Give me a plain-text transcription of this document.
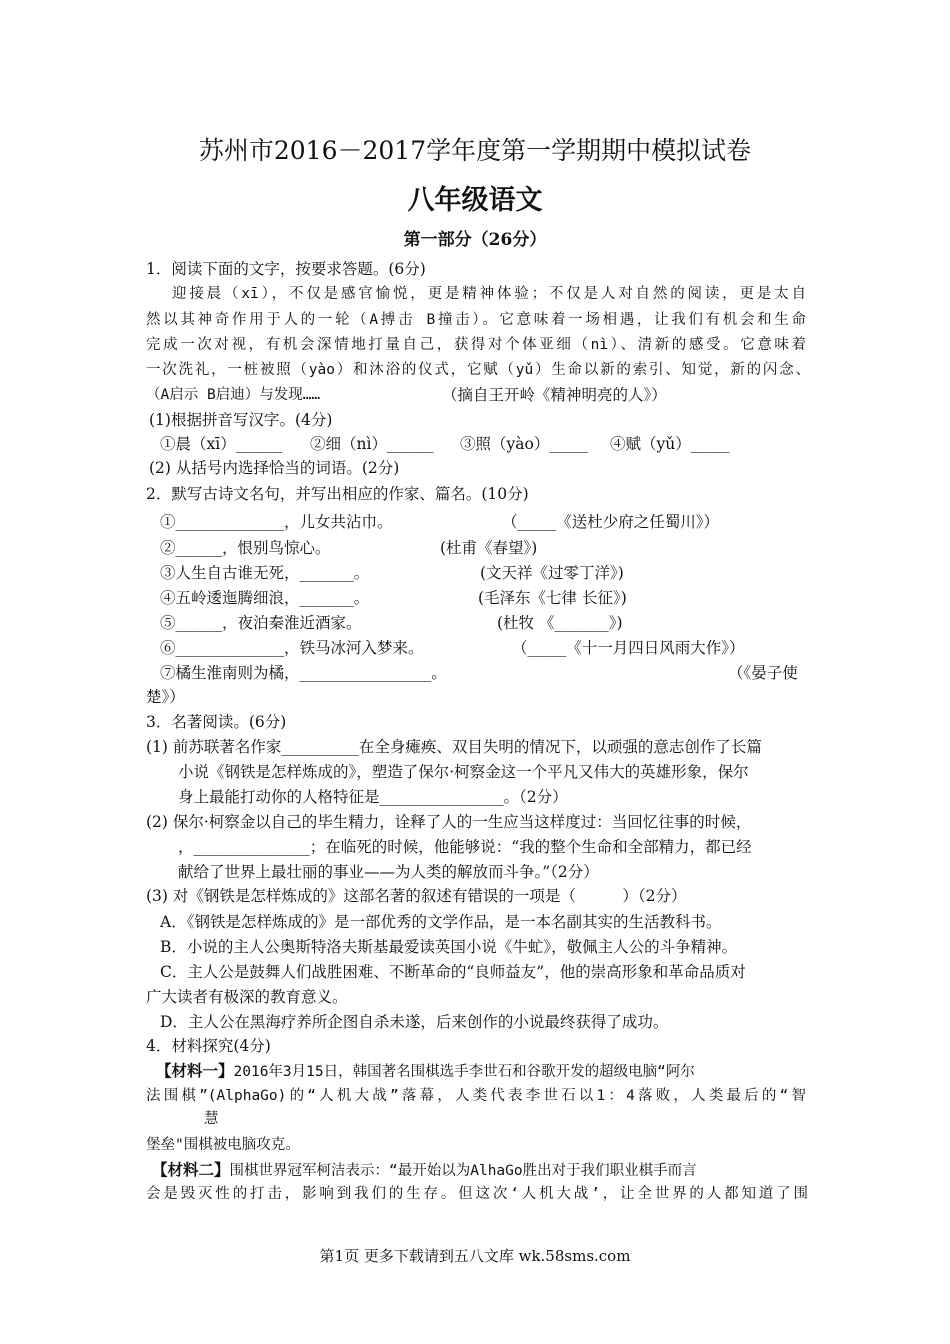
苏州市2016－2017学年度第一学期期中模拟试卷
八年级语文
第一部分（26分）
1．阅读下面的文字，按要求答题。(6分)
迎接晨（xī），不仅是感官愉悦，更是精神体验；不仅是人对自然的阅读，更是太自
然以其神奇作用于人的一轮（A搏击 B撞击）。它意味着一场相遇，让我们有机会和生命
完成一次对视，有机会深情地打量自己，获得对个体亚细（nì）、清新的感受。它意味着
一次洗礼，一桩被照（yào）和沐浴的仪式，它赋（yǔ）生命以新的索引、知觉，新的闪念、
（A启示 B启迪）与发现……	（摘自王开岭《精神明亮的人》）
(1)根据拼音写汉字。(4分)
①晨（xī）______ ②细（nì）______ ③照（yào）_____ ④赋（yǔ）_____
(2) 从括号内选择恰当的词语。(2分)
2．默写古诗文名句，并写出相应的作家、篇名。(10分)
①______________，儿女共沾巾。	（_____《送杜少府之任蜀川》）
②______，恨别鸟惊心。	(杜甫《春望》)
③人生自古谁无死，_______。	(文天祥《过零丁洋》)
④五岭逶迤腾细浪，_______。	(毛泽东《七律 长征》)
⑤______，夜泊秦淮近酒家。	(杜牧 《_______》)
⑥______________，铁马冰河入梦来。	（_____《十一月四日风雨大作》）
⑦橘生淮南则为橘，_________________。	（《晏子使
楚》）
3．名著阅读。(6分)
(1) 前苏联著名作家__________在全身瘫痪、双目失明的情况下，以顽强的意志创作了长篇
小说《钢铁是怎样炼成的》，塑造了保尔·柯察金这一个平凡又伟大的英雄形象，保尔
身上最能打动你的人格特征是________________。（2分）
(2) 保尔·柯察金以自己的毕生精力，诠释了人的一生应当这样度过：当回忆往事的时候，
，_______________；在临死的时候，他能够说：“我的整个生命和全部精力，都已经
献给了世界上最壮丽的事业——为人类的解放而斗争。”（2分）
(3) 对《钢铁是怎样炼成的》这部名著的叙述有错误的一项是（　　　）（2分）
A．《钢铁是怎样炼成的》是一部优秀的文学作品，是一本名副其实的生活教科书。
B．小说的主人公奥斯特洛夫斯基最爱读英国小说《牛虻》，敬佩主人公的斗争精神。
C．主人公是鼓舞人们战胜困难、不断革命的“良师益友”，他的崇高形象和革命品质对
广大读者有极深的教育意义。
D．主人公在黑海疗养所企图自杀未遂，后来创作的小说最终获得了成功。
4．材料探究(4分)
【材料一】2016年3月15日，韩国著名围棋选手李世石和谷歌开发的超级电脑“阿尔
法围棋”(AlphaGo)的“人机大战”落幕，人类代表李世石以1：4落败，人类最后的“智
慧
堡垒"围棋被电脑攻克。
【材料二】围棋世界冠军柯洁表示：“最开始以为AlhaGo胜出对于我们职业棋手而言
会是毁灭性的打击，影响到我们的生存。但这次‘人机大战’，让全世界的人都知道了围
第1页 更多下载请到五八文库 wk.58sms.com
